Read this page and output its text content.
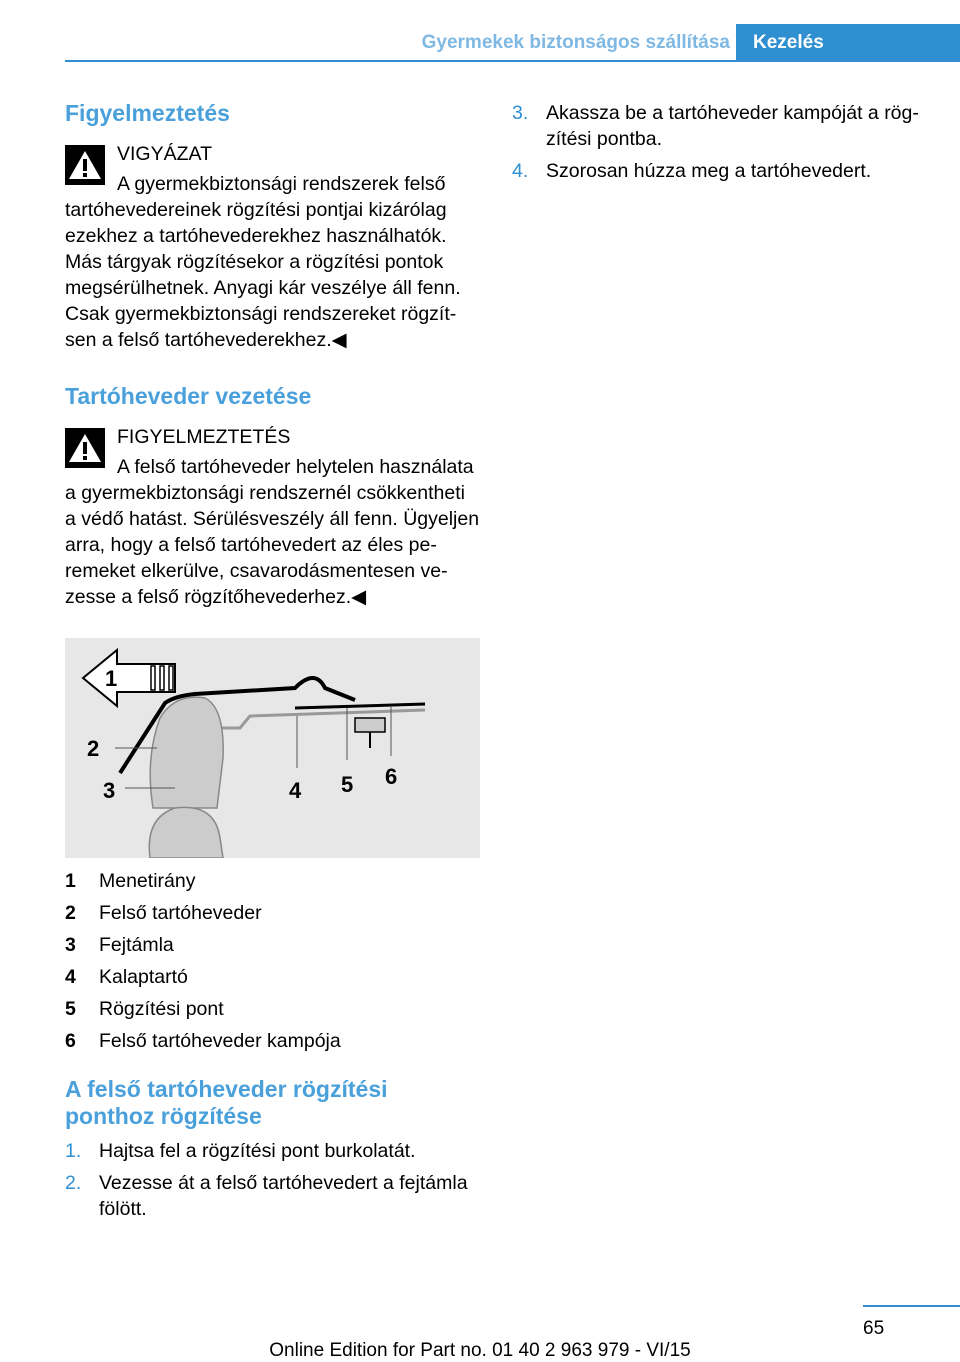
Gyermekek biztonságos szállítása Kezelés
Figyelmeztetés
VIGYÁZAT
A gyermekbiztonsági rendszerek felső tartóhevedereinek rögzítési pontjai kizárólag ezekhez a tartóhevederekhez használhatók. Más tárgyak rögzítésekor a rögzítési pontok megsérülhetnek. Anyagi kár veszélye áll fenn. Csak gyermekbiztonsági rendszereket rögzítsen a felső tartóhevederekhez.◀
Tartóheveder vezetése
FIGYELMEZTETÉS
A felső tartóheveder helytelen használata a gyermekbiztonsági rendszernél csökkentheti a védő hatást. Sérülésveszély áll fenn. Ügyeljen arra, hogy a felső tartóhevedert az éles peremeket elkerülve, csavarodásmentesen vezesse a felső rögzítőhevederhez.◀
1
2
3	4 5 6
1	Menetirány
2	Felső tartóheveder
3	Fejtámla
4	Kalaptartó
5	Rögzítési pont
6	Felső tartóheveder kampója
A felső tartóheveder rögzítési ponthoz rögzítése
1. Hajtsa fel a rögzítési pont burkolatát.
2. Vezesse át a felső tartóhevedert a fejtámla fölött.
3. Akassza be a tartóheveder kampóját a rögzítési pontba.
4. Szorosan húzza meg a tartóhevedert.
65
Online Edition for Part no. 01 40 2 963 979 - VI/15
